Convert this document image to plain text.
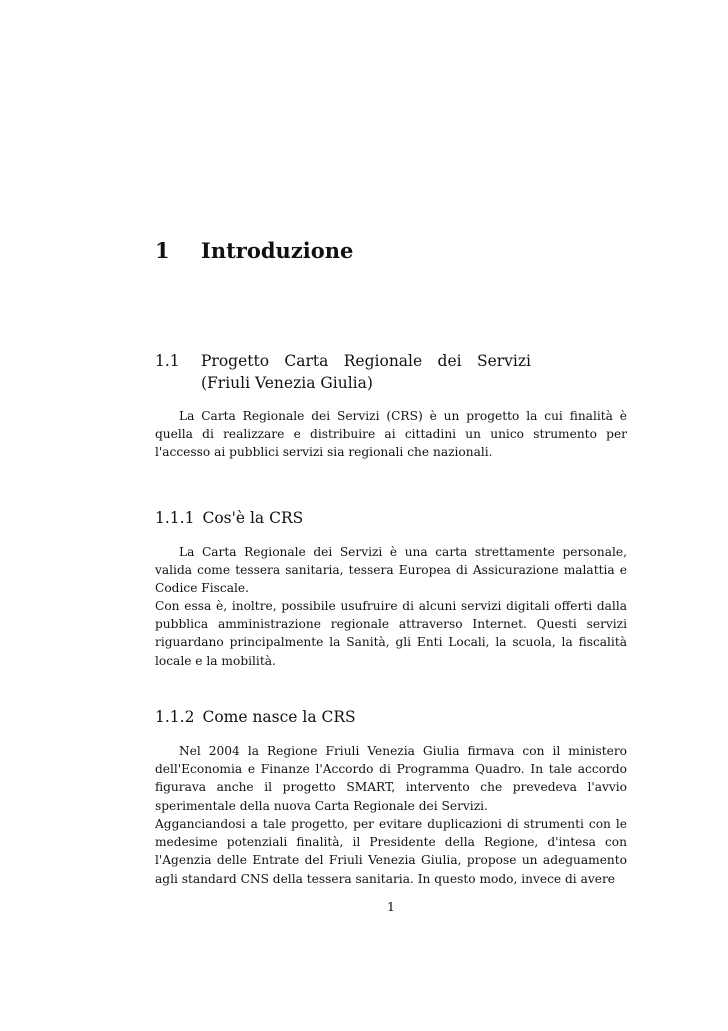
1 Introduzione
1.1 Progetto Carta Regionale dei Servizi (Friuli Venezia Giulia)

La Carta Regionale dei Servizi (CRS) è un progetto la cui finalità è quella di realizzare e distribuire ai cittadini un unico strumento per l'accesso ai pubblici servizi sia regionali che nazionali.

1.1.1 Cos'è la CRS

La Carta Regionale dei Servizi è una carta strettamente personale, valida come tessera sanitaria, tessera Europea di Assicurazione malattia e Codice Fiscale.

Con essa è, inoltre, possibile usufruire di alcuni servizi digitali offerti dalla pubblica amministrazione regionale attraverso Internet. Questi servizi riguardano principalmente la Sanità, gli Enti Locali, la scuola, la fiscalità locale e la mobilità.

1.1.2 Come nasce la CRS

Nel 2004 la Regione Friuli Venezia Giulia firmava con il ministero dell'Economia e Finanze l'Accordo di Programma Quadro. In tale accordo figurava anche il progetto SMART, intervento che prevedeva l'avvio sperimentale della nuova Carta Regionale dei Servizi.

Agganciandosi a tale progetto, per evitare duplicazioni di strumenti con le medesime potenziali finalità, il Presidente della Regione, d'intesa con l'Agenzia delle Entrate del Friuli Venezia Giulia, propose un adeguamento agli standard CNS della tessera sanitaria. In questo modo, invece di avere

1
